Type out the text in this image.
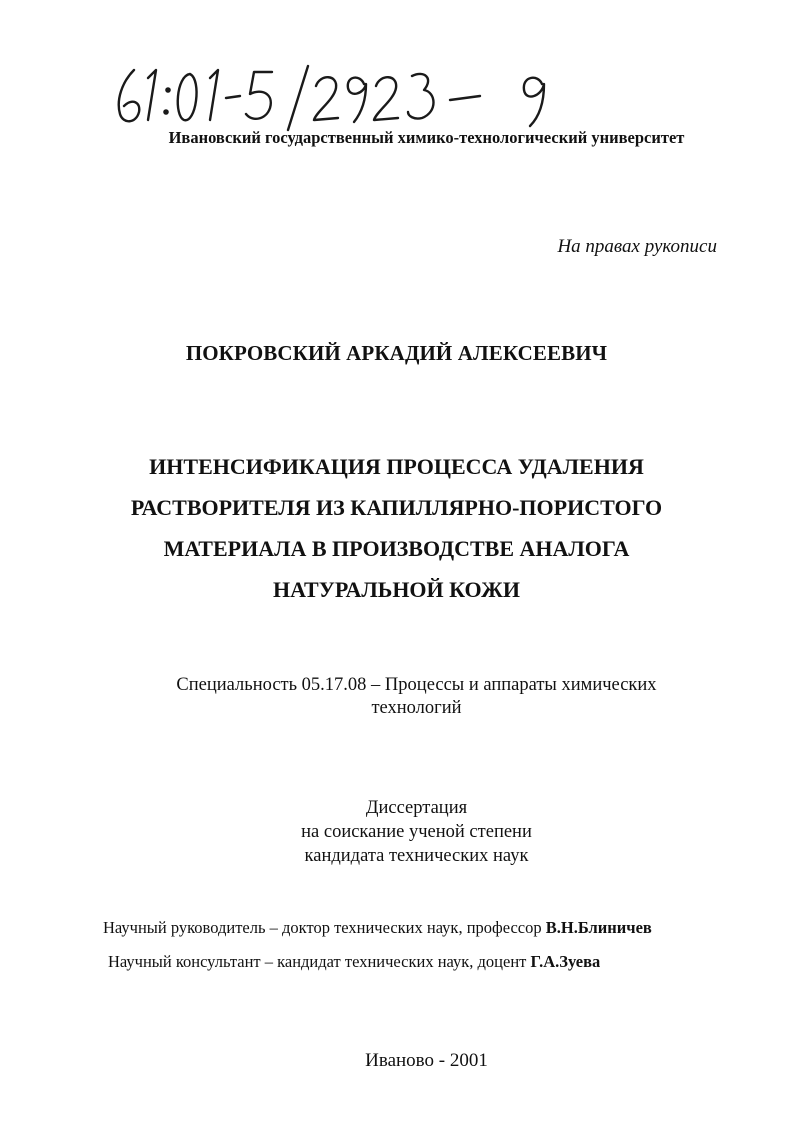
Ивановский государственный химико-технологический университет
На правах рукописи
ПОКРОВСКИЙ АРКАДИЙ АЛЕКСЕЕВИЧ
ИНТЕНСИФИКАЦИЯ ПРОЦЕССА УДАЛЕНИЯ
РАСТВОРИТЕЛЯ ИЗ КАПИЛЛЯРНО-ПОРИСТОГО
МАТЕРИАЛА В ПРОИЗВОДСТВЕ АНАЛОГА
НАТУРАЛЬНОЙ КОЖИ
Специальность 05.17.08 – Процессы и аппараты химических
технологий
Диссертация
на соискание ученой степени
кандидата технических наук
Научный руководитель – доктор технических наук, профессор В.Н.Блиничев
Научный консультант – кандидат технических наук, доцент Г.А.Зуева
Иваново - 2001
